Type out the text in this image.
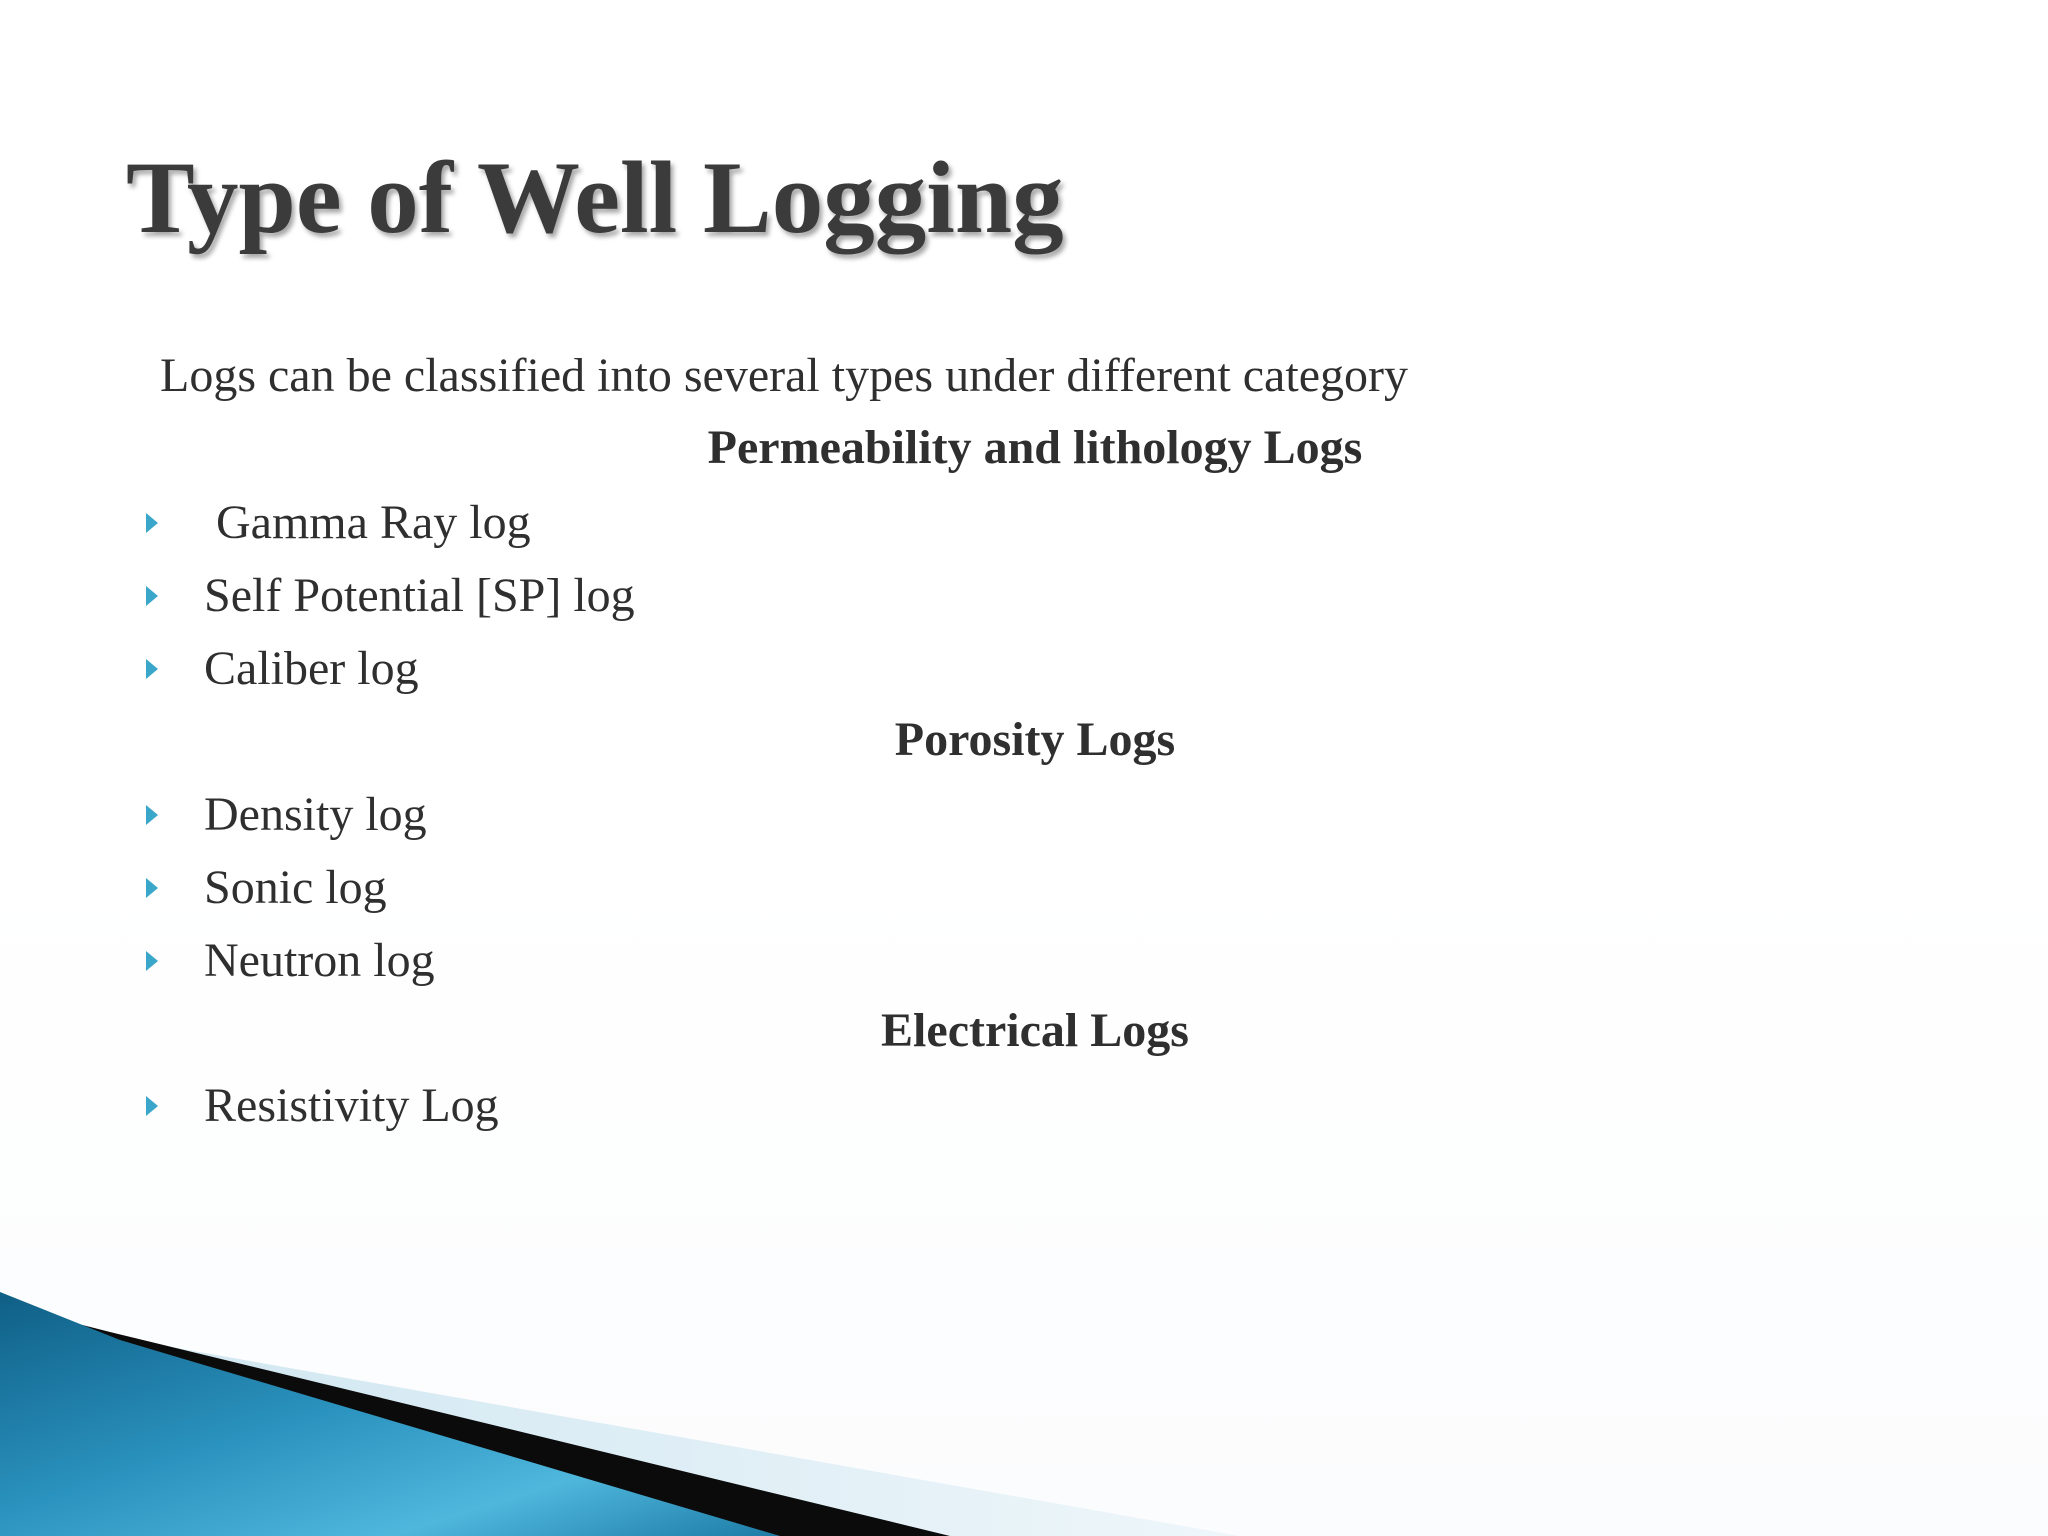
Type of Well Logging
Logs can be classified into several types under different category
Permeability and lithology Logs
Gamma Ray log
Self Potential [SP] log
Caliber log
Porosity Logs
Density log
Sonic log
Neutron log
Electrical Logs
Resistivity Log
